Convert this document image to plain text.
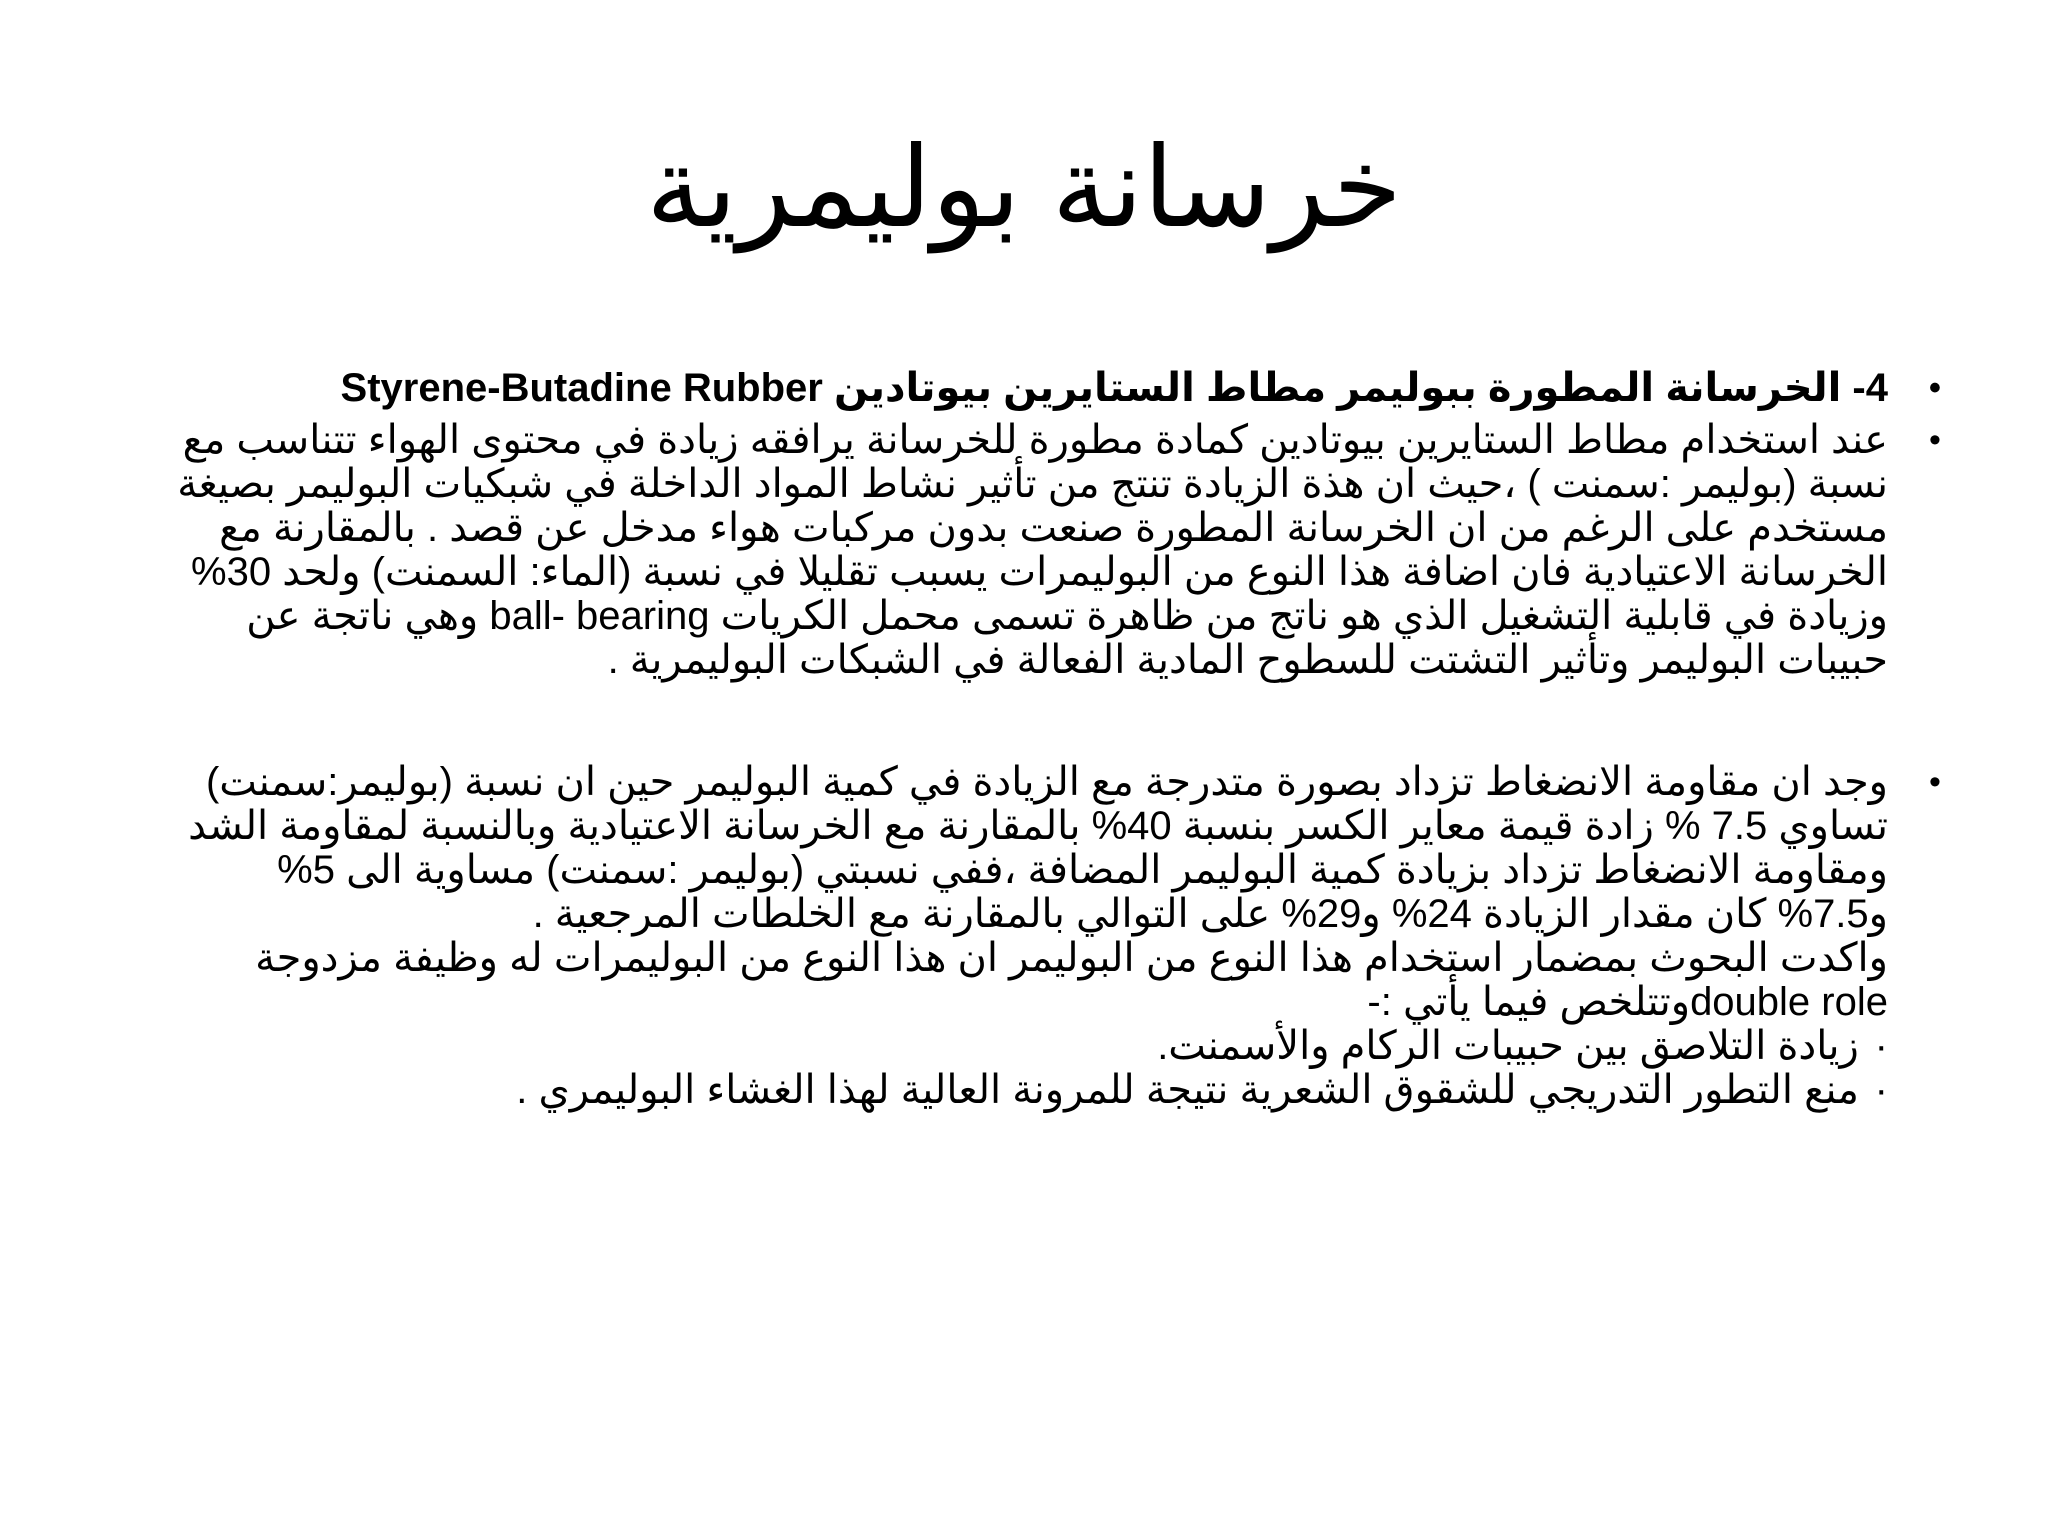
خرسانة بوليمرية
•
4- الخرسانة المطورة ببوليمر مطاط الستايرين بيوتادين Styrene-Butadine Rubber
•
عند استخدام مطاط الستايرين بيوتادين كمادة مطورة للخرسانة يرافقه زيادة في محتوى الهواء تتناسب مع
نسبة (بوليمر :سمنت ) ،حيث ان هذة الزيادة تنتج من تأثير نشاط المواد الداخلة في شبكيات البوليمر بصيغة
مستخدم على الرغم من ان الخرسانة المطورة صنعت بدون مركبات هواء مدخل عن قصد . بالمقارنة مع
الخرسانة الاعتيادية فان اضافة هذا النوع من البوليمرات يسبب تقليلا في نسبة (الماء: السمنت) ولحد 30%
وزيادة في قابلية التشغيل الذي هو ناتج من ظاهرة تسمى محمل الكريات ball- bearing وهي ناتجة عن
حبيبات البوليمر وتأثير التشتت للسطوح المادية الفعالة في الشبكات البوليمرية .
•
وجد ان مقاومة الانضغاط تزداد بصورة متدرجة مع الزيادة في كمية البوليمر حين ان نسبة (بوليمر:سمنت)
تساوي 7.5 % زادة قيمة معاير الكسر بنسبة 40% بالمقارنة مع الخرسانة الاعتيادية وبالنسبة لمقاومة الشد
ومقاومة الانضغاط تزداد بزيادة كمية البوليمر المضافة ،ففي نسبتي (بوليمر :سمنت) مساوية الى 5%
و7.5% كان مقدار الزيادة 24% و29% على التوالي بالمقارنة مع الخلطات المرجعية .
واكدت البحوث بمضمار استخدام هذا النوع من البوليمر ان هذا النوع من البوليمرات له وظيفة مزدوجة
double roleوتتلخص فيما يأتي :-
· زيادة التلاصق بين حبيبات الركام والأسمنت.
· منع التطور التدريجي للشقوق الشعرية نتيجة للمرونة العالية لهذا الغشاء البوليمري .
